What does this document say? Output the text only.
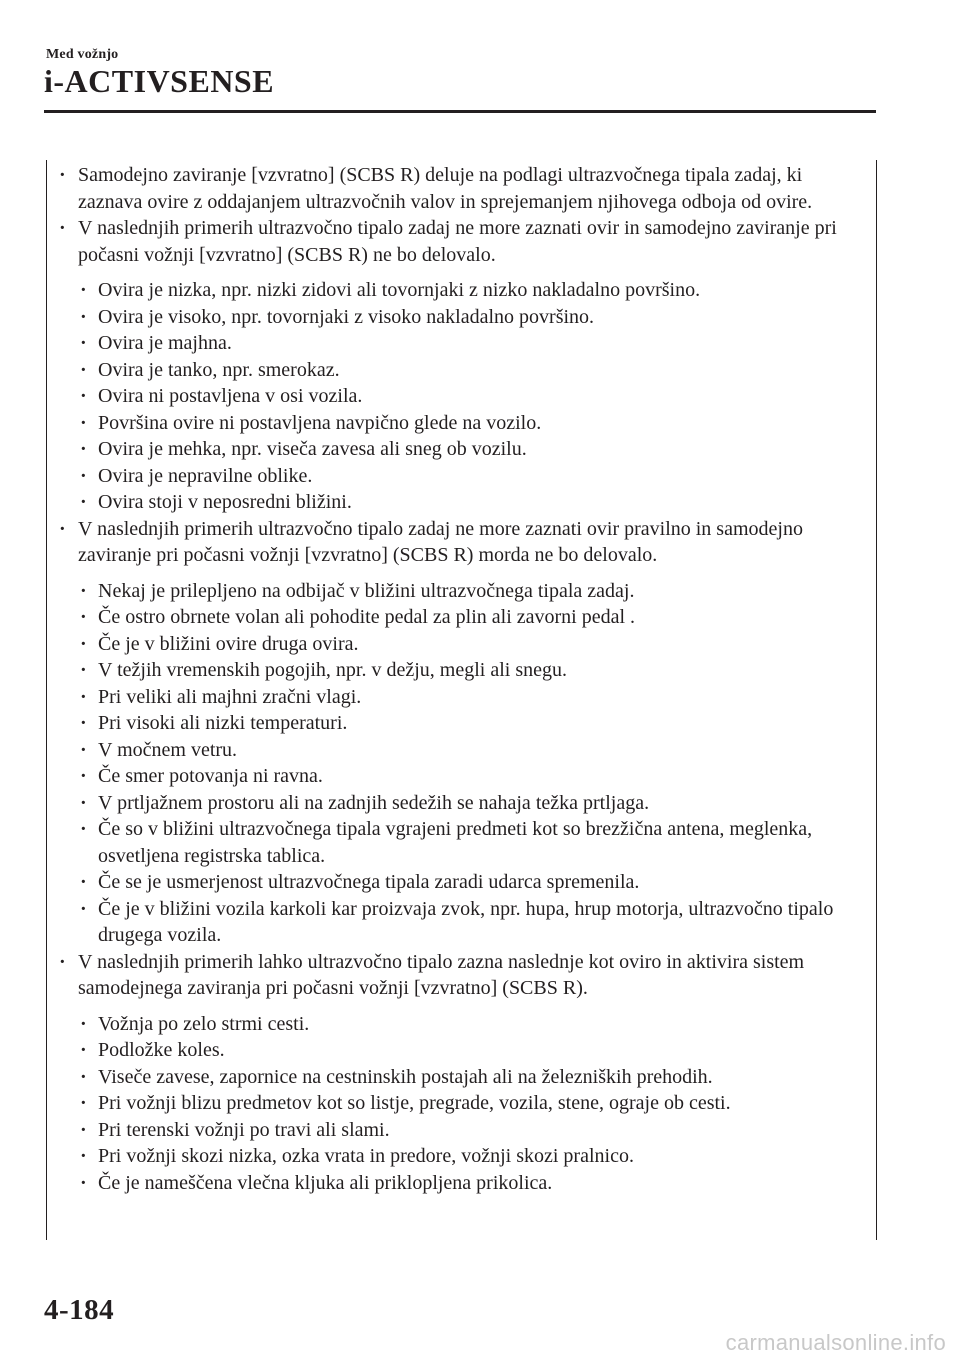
Med vožnjo
i-ACTIVSENSE
· Samodejno zaviranje [vzvratno] (SCBS R) deluje na podlagi ultrazvočnega tipala zadaj, ki zaznava ovire z oddajanjem ultrazvočnih valov in sprejemanjem njihovega odboja od ovire.
· V naslednjih primerih ultrazvočno tipalo zadaj ne more zaznati ovir in samodejno zaviranje pri počasni vožnji [vzvratno] (SCBS R) ne bo delovalo.
· Ovira je nizka, npr. nizki zidovi ali tovornjaki z nizko nakladalno površino.
· Ovira je visoko, npr. tovornjaki z visoko nakladalno površino.
· Ovira je majhna.
· Ovira je tanko, npr. smerokaz.
· Ovira ni postavljena v osi vozila.
· Površina ovire ni postavljena navpično glede na vozilo.
· Ovira je mehka, npr. viseča zavesa ali sneg ob vozilu.
· Ovira je nepravilne oblike.
· Ovira stoji v neposredni bližini.
· V naslednjih primerih ultrazvočno tipalo zadaj ne more zaznati ovir pravilno in samodejno zaviranje pri počasni vožnji [vzvratno] (SCBS R) morda ne bo delovalo.
· Nekaj je prilepljeno na odbijač v bližini ultrazvočnega tipala zadaj.
· Če ostro obrnete volan ali pohodite pedal za plin ali zavorni pedal .
· Če je v bližini ovire druga ovira.
· V težjih vremenskih pogojih, npr. v dežju, megli ali snegu.
· Pri veliki ali majhni zračni vlagi.
· Pri visoki ali nizki temperaturi.
· V močnem vetru.
· Če smer potovanja ni ravna.
· V prtljažnem prostoru ali na zadnjih sedežih se nahaja težka prtljaga.
· Če so v bližini ultrazvočnega tipala vgrajeni predmeti kot so brezžična antena, meglenka, osvetljena registrska tablica.
· Če se je usmerjenost ultrazvočnega tipala zaradi udarca spremenila.
· Če je v bližini vozila karkoli kar proizvaja zvok, npr. hupa, hrup motorja, ultrazvočno tipalo drugega vozila.
· V naslednjih primerih lahko ultrazvočno tipalo zazna naslednje kot oviro in aktivira sistem samodejnega zaviranja pri počasni vožnji [vzvratno] (SCBS R).
· Vožnja po zelo strmi cesti.
· Podložke koles.
· Viseče zavese, zapornice na cestninskih postajah ali na železniških prehodih.
· Pri vožnji blizu predmetov kot so listje, pregrade, vozila, stene, ograje ob cesti.
· Pri terenski vožnji po travi ali slami.
· Pri vožnji skozi nizka, ozka vrata in predore, vožnji skozi pralnico.
· Če je nameščena vlečna kljuka ali priklopljena prikolica.
4-184
carmanualsonline.info
